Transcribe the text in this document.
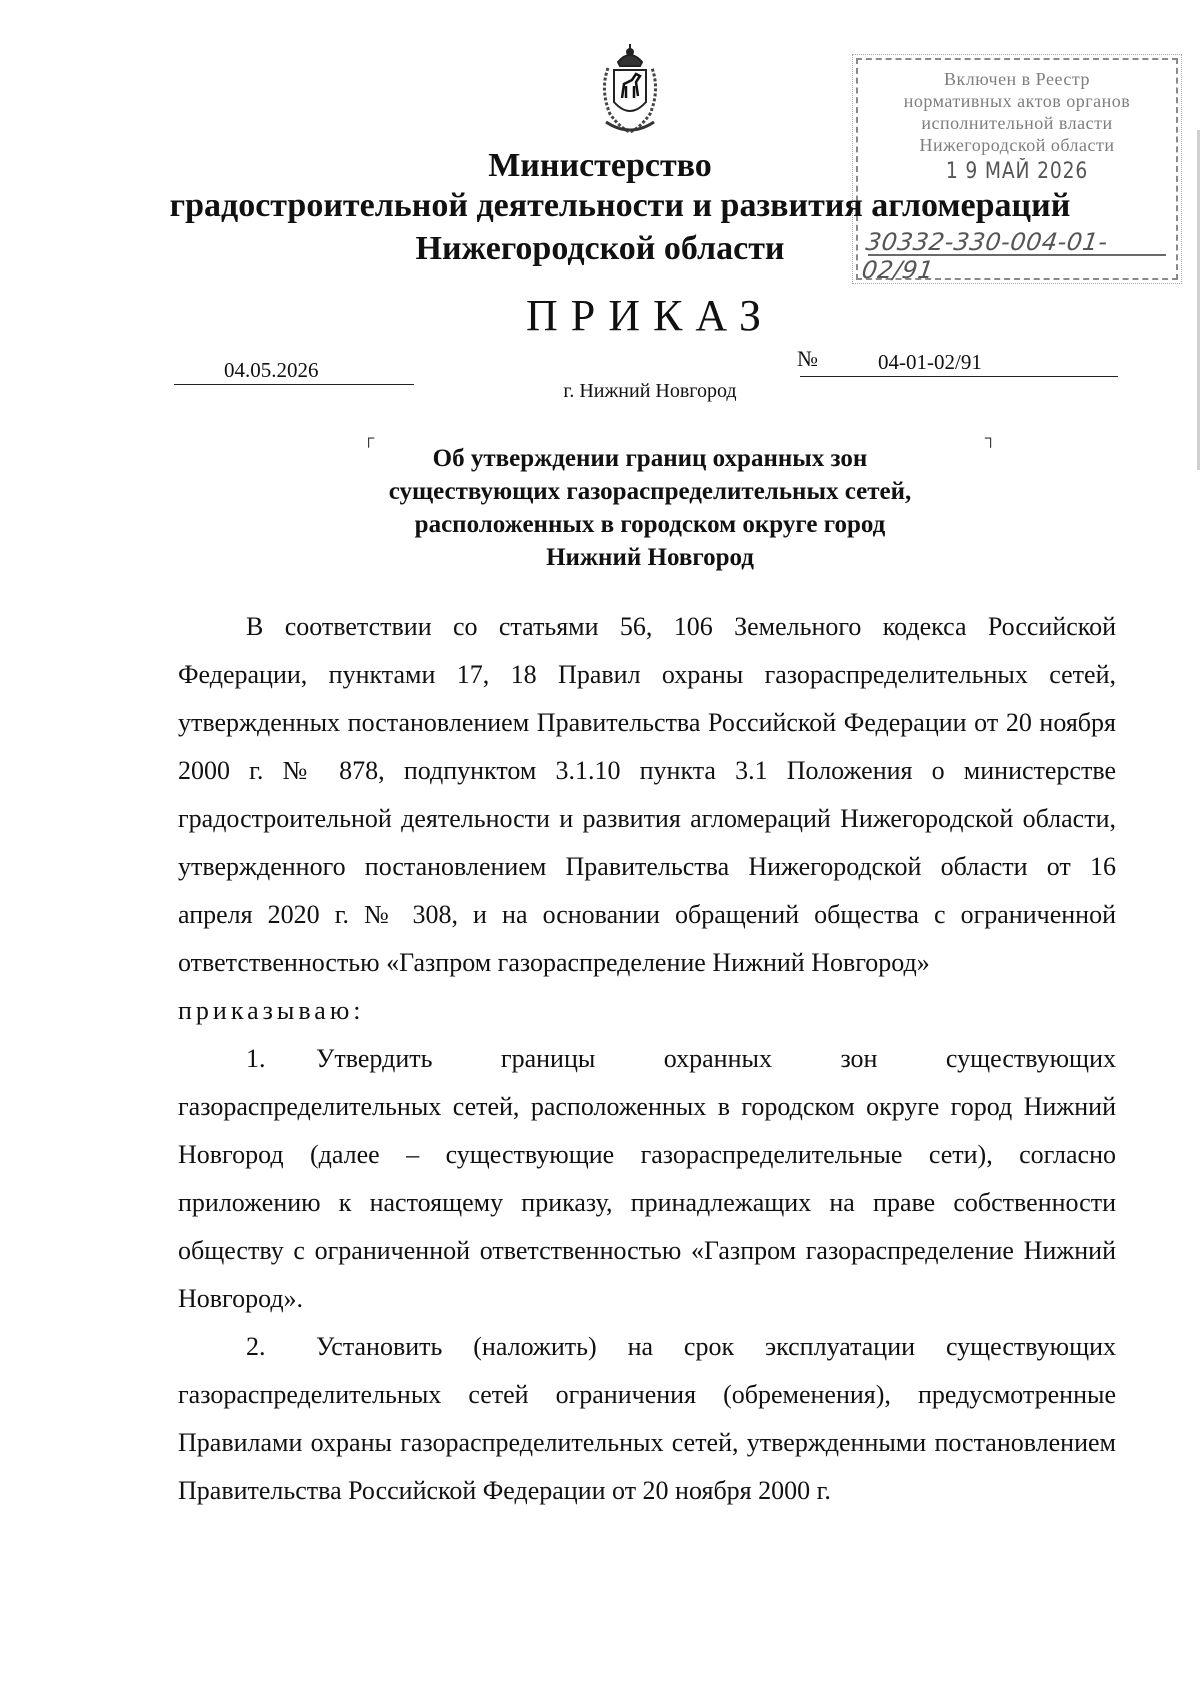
Включен в Реестр
нормативных актов органов
исполнительной власти
Нижегородской области
1 9 МАЙ 2026
30332-330-004-01-02/91
Министерство
градостроительной деятельности и развития агломераций
Нижегородской области
ПРИКАЗ
04.05.2026	№	04-01-02/91
г. Нижний Новгород
┌	┐
Об утверждении границ охранных зон
существующих газораспределительных сетей,
расположенных в городском округе город
Нижний Новгород

В соответствии со статьями 56, 106 Земельного кодекса Российской Федерации, пунктами 17, 18 Правил охраны газораспределительных сетей, утвержденных постановлением Правительства Российской Федерации от 20 ноября 2000 г. № 878, подпунктом 3.1.10 пункта 3.1 Положения о министерстве градостроительной деятельности и развития агломераций Нижегородской области, утвержденного постановлением Правительства Нижегородской области от 16 апреля 2020 г. № 308, и на основании обращений общества с ограниченной ответственностью «Газпром газораспределение Нижний Новгород»

приказываю:

1. Утвердить границы охранных зон существующих газораспределительных сетей, расположенных в городском округе город Нижний Новгород (далее – существующие газораспределительные сети), согласно приложению к настоящему приказу, принадлежащих на праве собственности обществу с ограниченной ответственностью «Газпром газораспределение Нижний Новгород».

2. Установить (наложить) на срок эксплуатации существующих газораспределительных сетей ограничения (обременения), предусмотренные Правилами охраны газораспределительных сетей, утвержденными постановлением Правительства Российской Федерации от 20 ноября 2000 г.
